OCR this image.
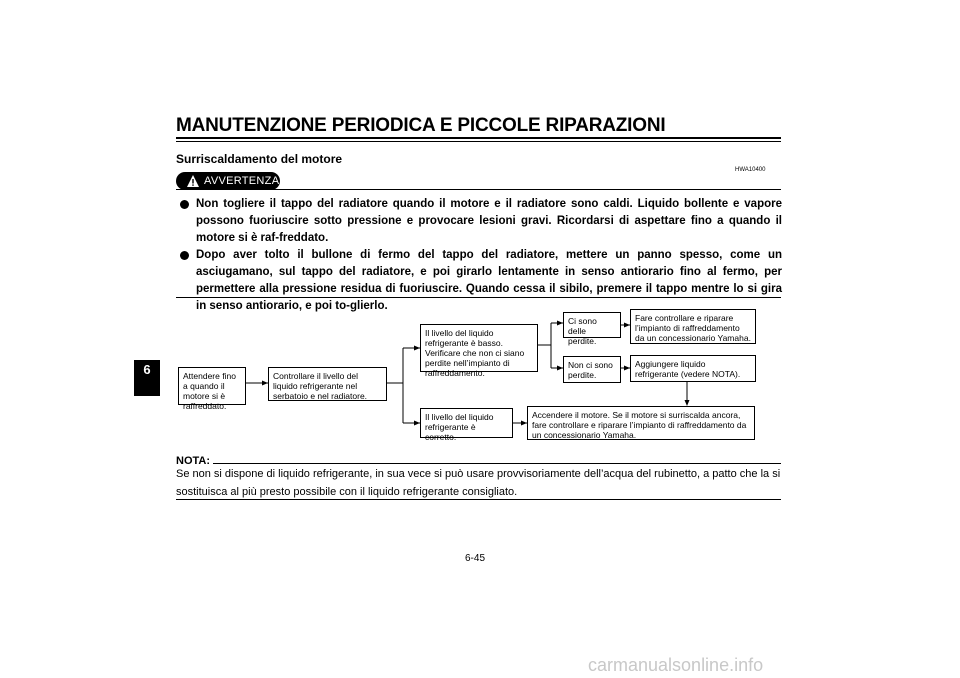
MANUTENZIONE PERIODICA E PICCOLE RIPARAZIONI
6
Surriscaldamento del motore
HWA10400
AVVERTENZA
Non togliere il tappo del radiatore quando il motore e il radiatore sono caldi. Liquido bollente e vapore possono fuoriuscire sotto pressione e provocare lesioni gravi. Ricordarsi di aspettare fino a quando il motore si è raf-freddato.
Dopo aver tolto il bullone di fermo del tappo del radiatore, mettere un panno spesso, come un asciugamano, sul tappo del radiatore, e poi girarlo lentamente in senso antiorario fino al fermo, per permettere alla pressione residua di fuoriuscire. Quando cessa il sibilo, premere il tappo mentre lo si gira in senso antiorario, e poi to-glierlo.
Attendere fino a quando il motore si è raffreddato.
Controllare il livello del liquido refrigerante nel serbatoio e nel radiatore.
Il livello del liquido refrigerante è basso. Verificare che non ci siano perdite nell’impianto di raffreddamento.
Il livello del liquido refrigerante è corretto.
Ci sono delle perdite.
Non ci sono perdite.
Fare controllare e riparare l’impianto di raffreddamento da un concessionario Yamaha.
Aggiungere liquido refrigerante (vedere NOTA).
Accendere il motore. Se il motore si surriscalda ancora, fare controllare e riparare l’impianto di raffreddamento da un concessionario Yamaha.
NOTA:
Se non si dispone di liquido refrigerante, in sua vece si può usare provvisoriamente dell’acqua del rubinetto, a patto che la si sostituisca al più presto possibile con il liquido refrigerante consigliato.
6-45
carmanualsonline.info
